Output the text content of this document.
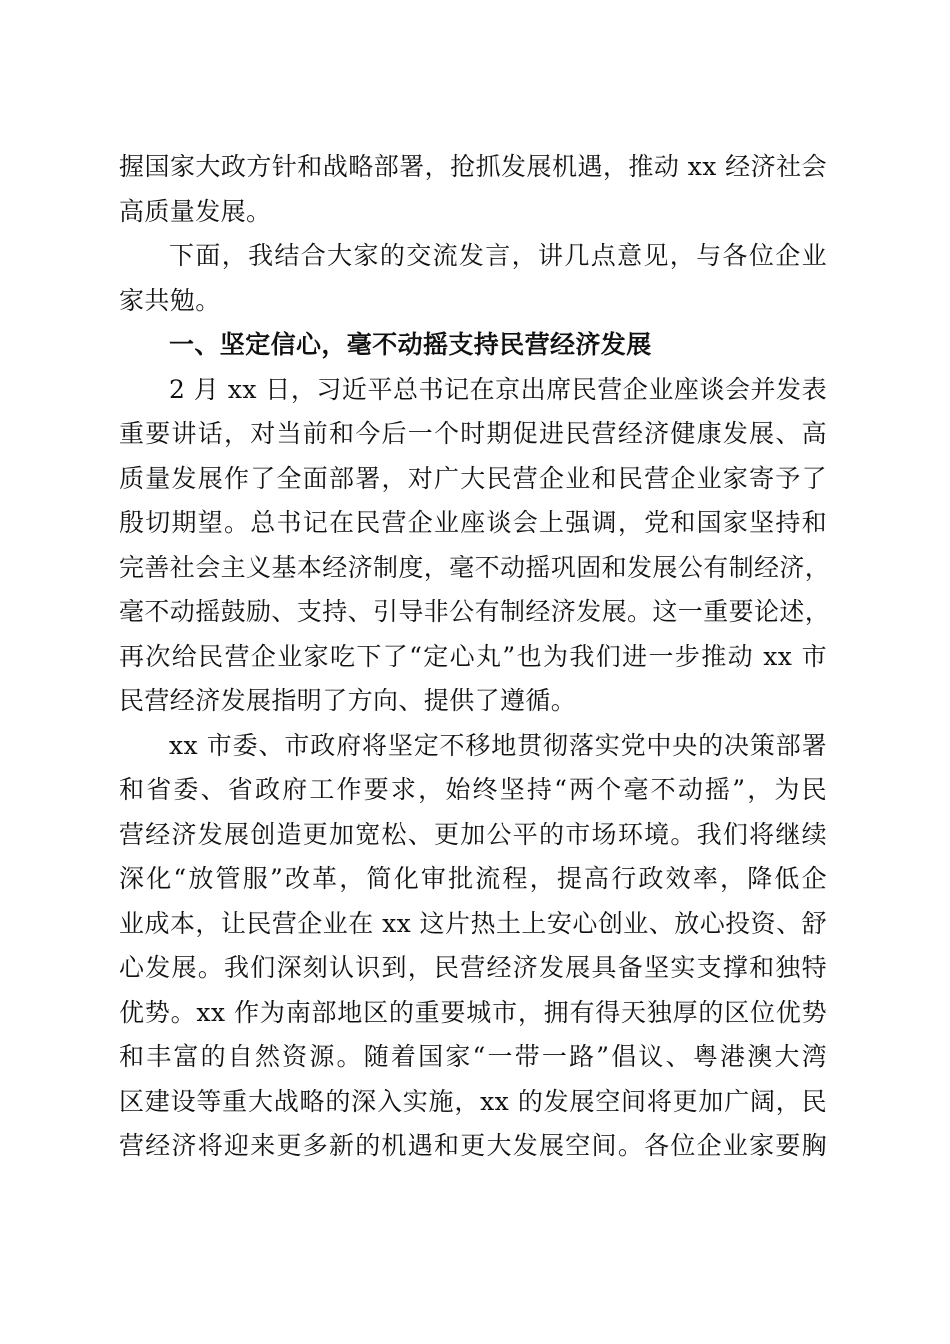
握国家大政方针和战略部署，抢抓发展机遇，推动 xx 经济社会
高质量发展。
下面，我结合大家的交流发言，讲几点意见，与各位企业
家共勉。
一、坚定信心，毫不动摇支持民营经济发展
2 月 xx 日，习近平总书记在京出席民营企业座谈会并发表
重要讲话，对当前和今后一个时期促进民营经济健康发展、高
质量发展作了全面部署，对广大民营企业和民营企业家寄予了
殷切期望。总书记在民营企业座谈会上强调，党和国家坚持和
完善社会主义基本经济制度，毫不动摇巩固和发展公有制经济，
毫不动摇鼓励、支持、引导非公有制经济发展。这一重要论述，
再次给民营企业家吃下了“定心丸”也为我们进一步推动 xx 市
民营经济发展指明了方向、提供了遵循。
xx 市委、市政府将坚定不移地贯彻落实党中央的决策部署
和省委、省政府工作要求，始终坚持“两个毫不动摇”，为民
营经济发展创造更加宽松、更加公平的市场环境。我们将继续
深化“放管服”改革，简化审批流程，提高行政效率，降低企
业成本，让民营企业在 xx 这片热土上安心创业、放心投资、舒
心发展。我们深刻认识到，民营经济发展具备坚实支撑和独特
优势。xx 作为南部地区的重要城市，拥有得天独厚的区位优势
和丰富的自然资源。随着国家“一带一路”倡议、粤港澳大湾
区建设等重大战略的深入实施，xx 的发展空间将更加广阔，民
营经济将迎来更多新的机遇和更大发展空间。各位企业家要胸
